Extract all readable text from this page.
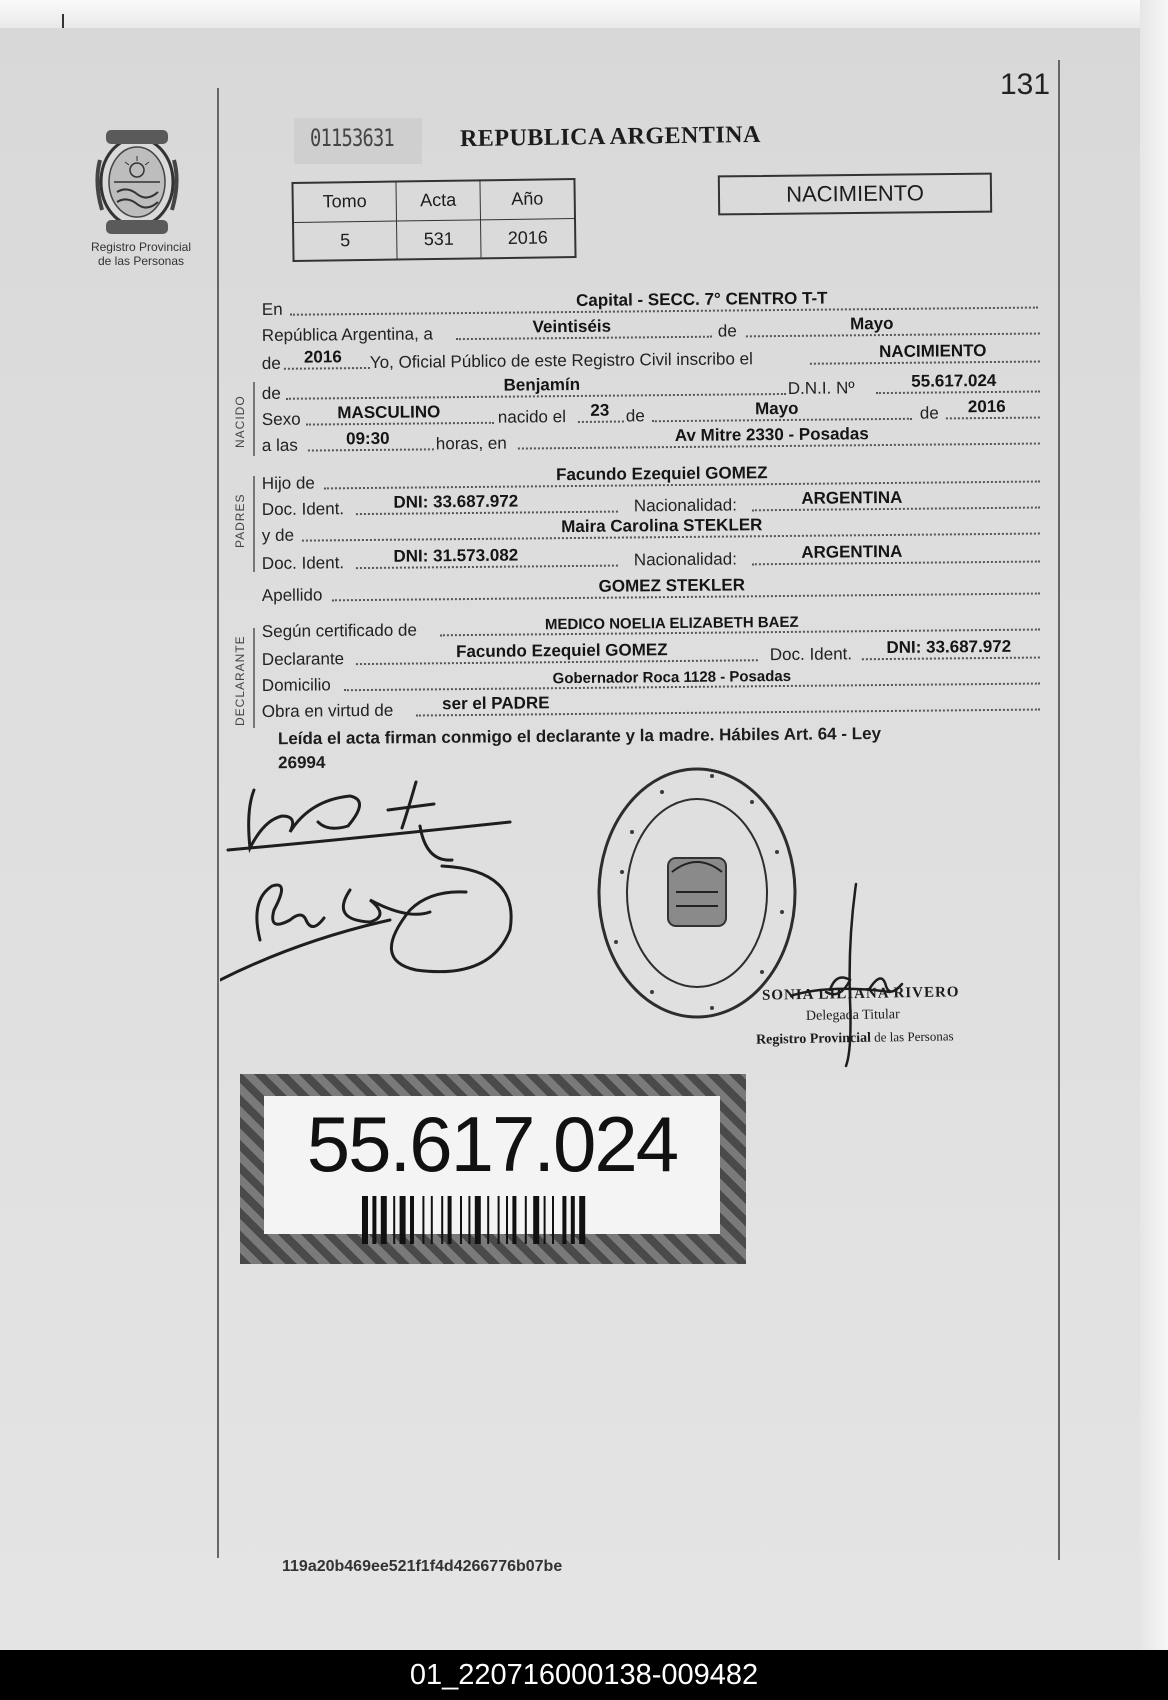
131
Registro Provincial
de las Personas
01153631	REPUBLICA ARGENTINA
Tomo	Acta	Año
5	531	2016
NACIMIENTO
En	Capital - SECC. 7° CENTRO T-T
República Argentina, a	Veintiséis	de	Mayo
de	2016	Yo, Oficial Público de este Registro Civil inscribo el	NACIMIENTO
NACIDO
de	Benjamín	D.N.I. Nº	55.617.024
Sexo	MASCULINO	nacido el	23 de	Mayo	de	2016
a las	09:30	horas, en	Av Mitre 2330 - Posadas
PADRES
Hijo de	Facundo Ezequiel GOMEZ
Doc. Ident.	DNI: 33.687.972	Nacionalidad:	ARGENTINA
y de	Maira Carolina STEKLER
Doc. Ident.	DNI: 31.573.082	Nacionalidad:	ARGENTINA
Apellido	GOMEZ STEKLER
DECLARANTE
Según certificado de	MEDICO NOELIA ELIZABETH BAEZ
Declarante	Facundo Ezequiel GOMEZ	Doc. Ident.	DNI: 33.687.972
Domicilio	Gobernador Roca 1128 - Posadas
Obra en virtud de	ser el PADRE
Leída el acta firman conmigo el declarante y la madre. Hábiles Art. 64 - Ley
26994
SONIA LILIANA RIVERO
Delegada Titular
Registro Provincial de las Personas
55.617.024
119a20b469ee521f1f4d4266776b07be
01_220716000138-009482
